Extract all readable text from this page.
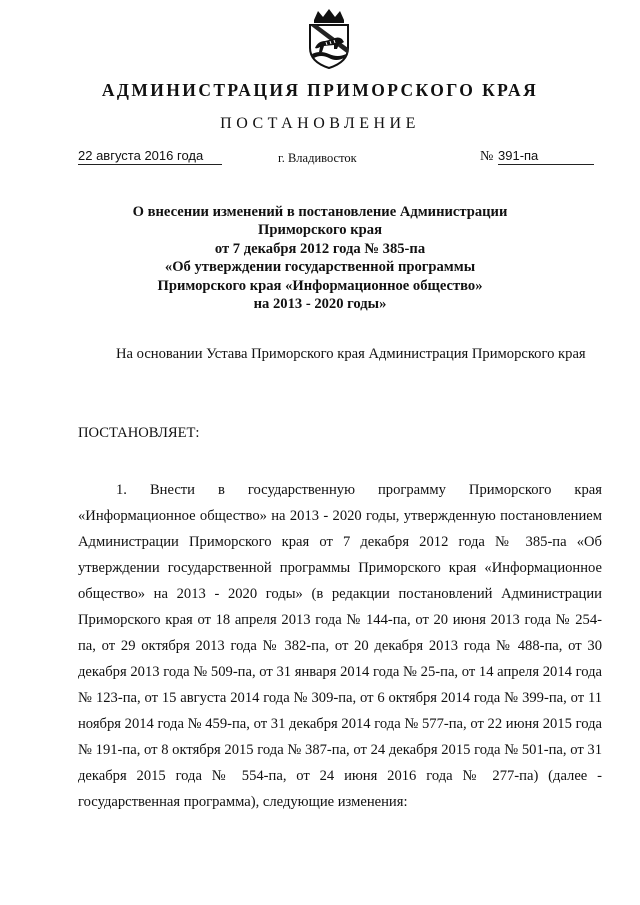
АДМИНИСТРАЦИЯ ПРИМОРСКОГО КРАЯ
ПОСТАНОВЛЕНИЕ
22 августа 2016 года	г. Владивосток	№ 391-па
О внесении изменений в постановление Администрации
Приморского края
от 7 декабря 2012 года № 385-па
«Об утверждении государственной программы
Приморского края «Информационное общество»
на 2013 - 2020 годы»
На основании Устава Приморского края Администрация Приморского края
ПОСТАНОВЛЯЕТ:
1. Внести в государственную программу Приморского края «Информационное общество» на 2013 - 2020 годы, утвержденную постановлением Администрации Приморского края от 7 декабря 2012 года № 385-па «Об утверждении государственной программы Приморского края «Информационное общество» на 2013 - 2020 годы» (в редакции постановлений Администрации Приморского края от 18 апреля 2013 года № 144-па, от 20 июня 2013 года № 254-па, от 29 октября 2013 года № 382-па, от 20 декабря 2013 года № 488-па, от 30 декабря 2013 года № 509-па, от 31 января 2014 года № 25-па, от 14 апреля 2014 года № 123-па, от 15 августа 2014 года № 309-па, от 6 октября 2014 года № 399-па, от 11 ноября 2014 года № 459-па, от 31 декабря 2014 года № 577-па, от 22 июня 2015 года № 191-па, от 8 октября 2015 года № 387-па, от 24 декабря 2015 года № 501-па, от 31 декабря 2015 года № 554-па, от 24 июня 2016 года № 277-па) (далее - государственная программа), следующие изменения:
